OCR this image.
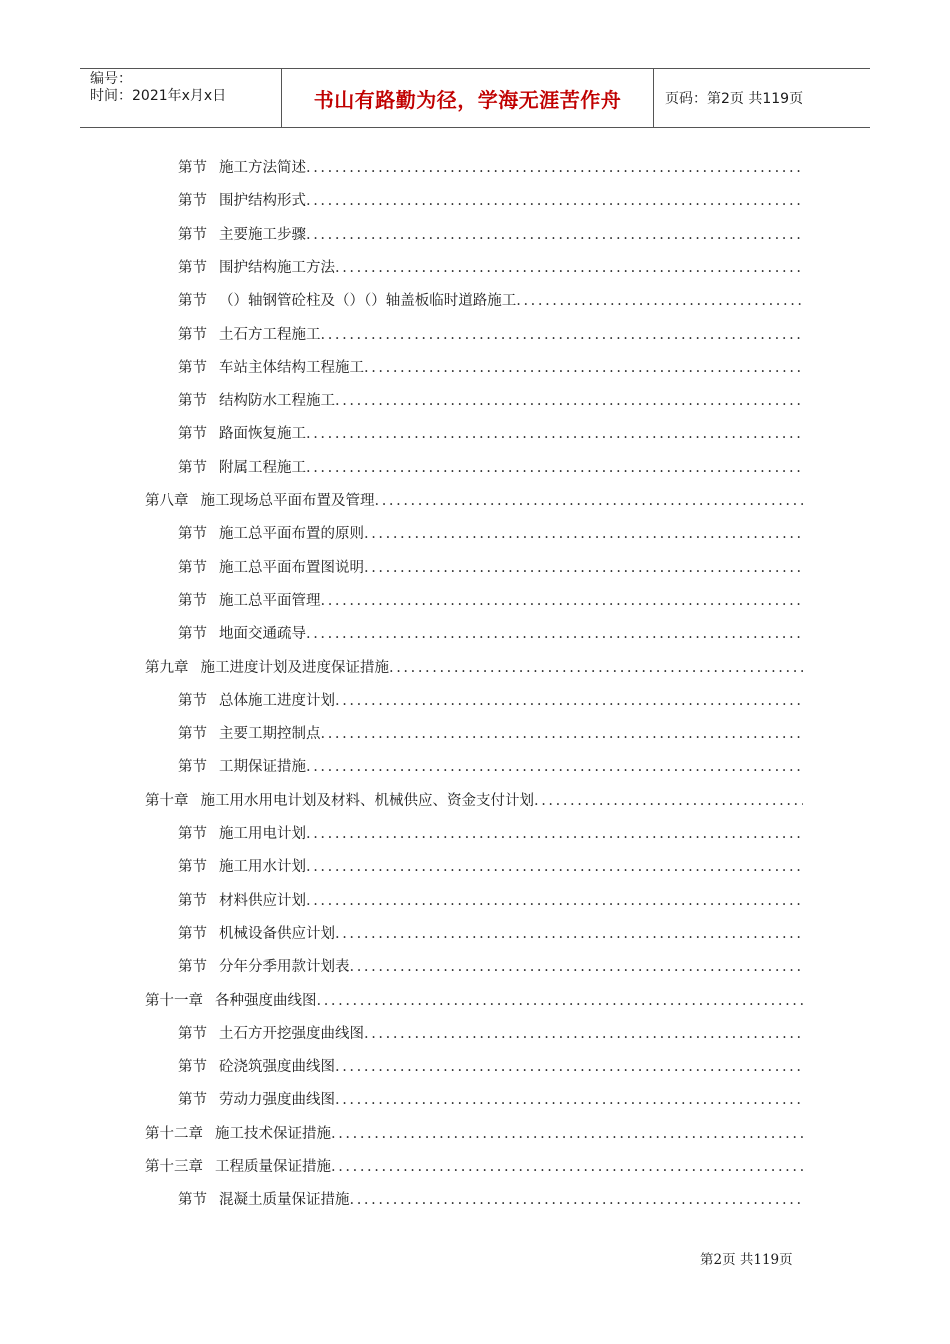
编号：
时间：2021年x月x日	书山有路勤为径，学海无涯苦作舟	页码：第2页 共119页
第节 施工方法简述
.....
第节 围护结构形式
.....
第节 主要施工步骤
.....
第节 围护结构施工方法
.....
第节 （）轴钢管砼柱及（）（）轴盖板临时道路施工
.....
第节 土石方工程施工
.....
第节 车站主体结构工程施工
.....
第节 结构防水工程施工
.....
第节 路面恢复施工
.....
第节 附属工程施工
.....
第八章 施工现场总平面布置及管理
.....
第节 施工总平面布置的原则
.....
第节 施工总平面布置图说明
.....
第节 施工总平面管理
.....
第节 地面交通疏导
.....
第九章 施工进度计划及进度保证措施
.....
第节 总体施工进度计划
.....
第节 主要工期控制点
.....
第节 工期保证措施
.....
第十章 施工用水用电计划及材料、机械供应、资金支付计划
.....
第节 施工用电计划
.....
第节 施工用水计划
.....
第节 材料供应计划
.....
第节 机械设备供应计划
.....
第节 分年分季用款计划表
.....
第十一章 各种强度曲线图
.....
第节 土石方开挖强度曲线图
.....
第节 砼浇筑强度曲线图
.....
第节 劳动力强度曲线图
.....
第十二章 施工技术保证措施
.....
第十三章 工程质量保证措施
.....
第节 混凝土质量保证措施
.....
第2页 共119页
